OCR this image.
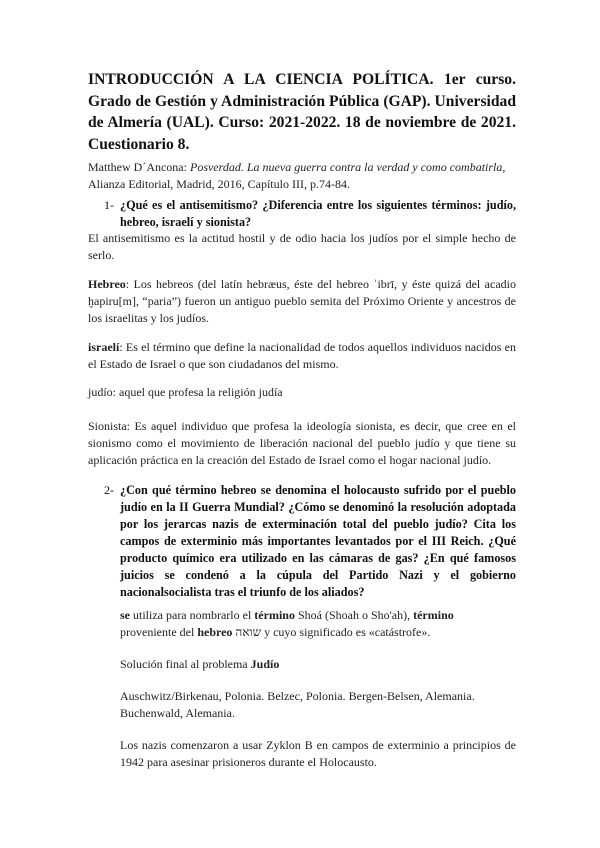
INTRODUCCIÓN A LA CIENCIA POLÍTICA. 1er curso. Grado de Gestión y Administración Pública (GAP). Universidad de Almería (UAL). Curso: 2021-2022. 18 de noviembre de 2021. Cuestionario 8.
Matthew D´Ancona: Posverdad. La nueva guerra contra la verdad y como combatirla, Alianza Editorial, Madrid, 2016, Capítulo III, p.74-84.
1- ¿Qué es el antisemitismo? ¿Diferencia entre los siguientes términos: judío, hebreo, israelí y sionista?
El antisemitismo es la actitud hostil y de odio hacia los judíos por el simple hecho de serlo.
Hebreo: Los hebreos (del latín hebræus, éste del hebreo ʿibrī, y éste quizá del acadio ḫapiru[m], “paria”) fueron un antiguo pueblo semita del Próximo Oriente y ancestros de los israelitas y los judíos.
israelí: Es el término que define la nacionalidad de todos aquellos individuos nacidos en el Estado de Israel o que son ciudadanos del mismo.
judío: aquel que profesa la religión judía
Sionista: Es aquel individuo que profesa la ideología sionista, es decir, que cree en el sionismo como el movimiento de liberación nacional del pueblo judío y que tiene su aplicación práctica en la creación del Estado de Israel como el hogar nacional judío.
2- ¿Con qué término hebreo se denomina el holocausto sufrido por el pueblo judío en la II Guerra Mundial? ¿Cómo se denominó la resolución adoptada por los jerarcas nazis de exterminación total del pueblo judío? Cita los campos de exterminio más importantes levantados por el III Reich. ¿Qué producto químico era utilizado en las cámaras de gas? ¿En qué famosos juicios se condenó a la cúpula del Partido Nazi y el gobierno nacionalsocialista tras el triunfo de los aliados?
se utiliza para nombrarlo el término Shoá (Shoah o Sho'ah), término
proveniente del hebreo שואה y cuyo significado es «catástrofe».
Solución final al problema Judío
Auschwitz/Birkenau, Polonia. Belzec, Polonia. Bergen-Belsen, Alemania. Buchenwald, Alemania.
Los nazis comenzaron a usar Zyklon B en campos de exterminio a principios de 1942 para asesinar prisioneros durante el Holocausto.
